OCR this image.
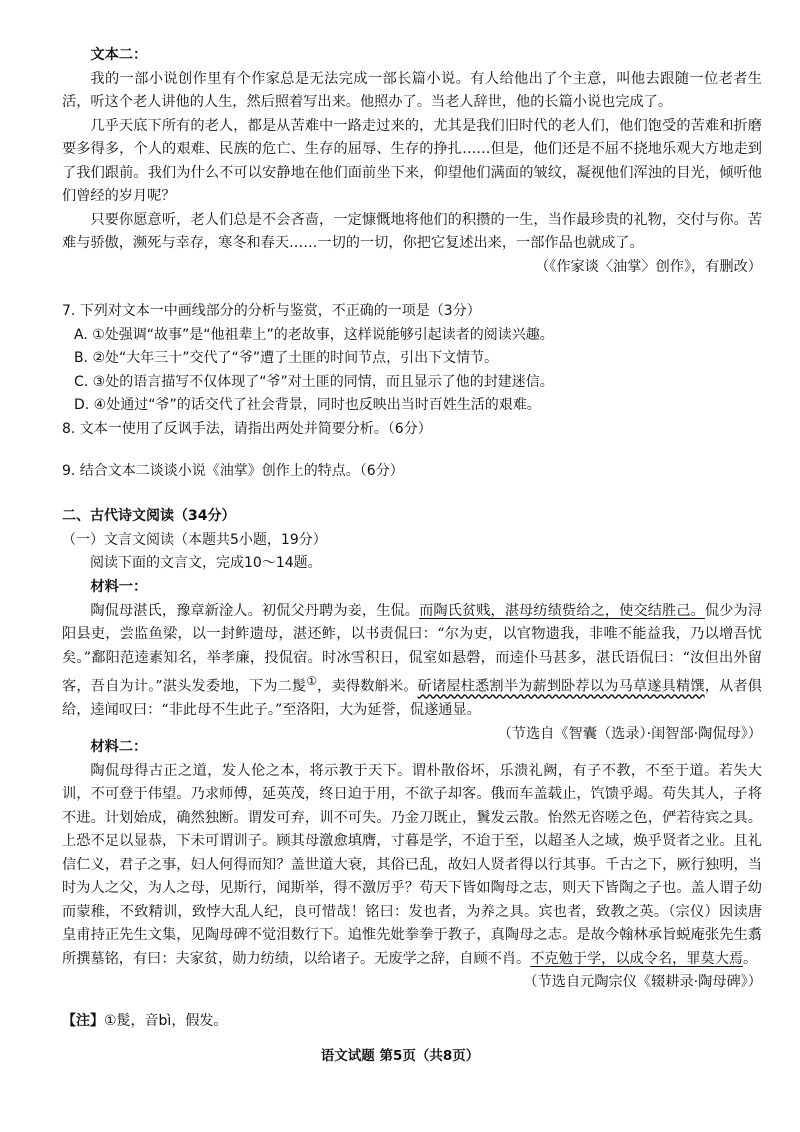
文本二：

我的一部小说创作里有个作家总是无法完成一部长篇小说。有人给他出了个主意，叫他去跟随一位老者生活，听这个老人讲他的人生，然后照着写出来。他照办了。当老人辞世，他的长篇小说也完成了。

几乎天底下所有的老人，都是从苦难中一路走过来的，尤其是我们旧时代的老人们，他们饱受的苦难和折磨要多得多，个人的艰难、民族的危亡、生存的屈辱、生存的挣扎……但是，他们还是不屈不挠地乐观大方地走到了我们跟前。我们为什么不可以安静地在他们面前坐下来，仰望他们满面的皱纹，凝视他们浑浊的目光，倾听他们曾经的岁月呢？

只要你愿意听，老人们总是不会吝啬，一定慷慨地将他们的积攒的一生，当作最珍贵的礼物，交付与你。苦难与骄傲，濒死与幸存，寒冬和春天……一切的一切，你把它复述出来，一部作品也就成了。

（《作家谈〈油掌〉创作》，有删改）

7. 下列对文本一中画线部分的分析与鉴赏，不正确的一项是（3分）

A. ①处强调“故事”是“他祖辈上”的老故事，这样说能够引起读者的阅读兴趣。

B. ②处“大年三十”交代了“爷”遭了土匪的时间节点，引出下文情节。

C. ③处的语言描写不仅体现了“爷”对土匪的同情，而且显示了他的封建迷信。

D. ④处通过“爷”的话交代了社会背景，同时也反映出当时百姓生活的艰难。

8. 文本一使用了反讽手法，请指出两处并简要分析。（6分）

9. 结合文本二谈谈小说《油掌》创作上的特点。（6分）

二、古代诗文阅读（34分）

（一）文言文阅读（本题共5小题，19分）

阅读下面的文言文，完成10～14题。

材料一：

陶侃母湛氏，豫章新淦人。初侃父丹聘为妾，生侃。而陶氏贫贱，湛母纺绩赀给之，使交结胜己。侃少为浔阳县吏，尝监鱼梁，以一封鲊遗母，湛还鲊，以书责侃曰：“尔为吏，以官物遗我，非唯不能益我，乃以增吾忧矣。”鄱阳范逵素知名，举孝廉，投侃宿。时冰雪积日，侃室如悬磬，而逵仆马甚多，湛氏语侃曰：“汝但出外留客，吾自为计。”湛头发委地，下为二髲①，卖得数斛米。斫诸屋柱悉割半为薪剉卧荐以为马草遂具精馔，从者俱给，逵闻叹曰：“非此母不生此子。”至洛阳，大为延誉，侃遂通显。

（节选自《智囊（选录）·闺智部·陶侃母》）

材料二：

陶侃母得古正之道，发人伦之本，将示教于天下。谓朴散俗坏，乐溃礼阙，有子不教，不至于道。若失大训，不可登于伟望。乃求师傅，延英茂，终日迫于用，不欲子却客。俄而车盖载止，饩馈乎竭。苟失其人，子将不进。计划始成，确然独断。谓发可弃，训不可失。乃金刀既止，鬒发云散。怡然无咨嗟之色，俨若待宾之具。上恐不足以显恭，下未可谓训子。顾其母激愈填膺，寸暮是学，不迨于至，以超圣人之域，焕乎贤者之业。且礼信仁义，君子之事，妇人何得而知？盖世道大衰，其俗已乱，故妇人贤者得以行其事。千古之下，厥行独明，当时为人之父，为人之母，见斯行，闻斯举，得不激厉乎？苟天下皆如陶母之志，则天下皆陶之子也。盖人谓子幼而蒙稚，不致精训，致悖大乱人纪，良可惜哉！铭曰：发也者，为养之具。宾也者，致教之英。（宗仪）因读唐皇甫持正先生文集，见陶母碑不觉泪数行下。追惟先妣拳拳于教子，真陶母之志。是故今翰林承旨蜕庵张先生翥所撰墓铭，有曰：夫家贫，勋力纺绩，以给诸子。无废学之辞，自顾不肖。不克勉于学，以成令名，罪莫大焉。

（节选自元陶宗仪《辍耕录·陶母碑》）

【注】①髲，音bì，假发。

语文试题 第5页（共8页）
